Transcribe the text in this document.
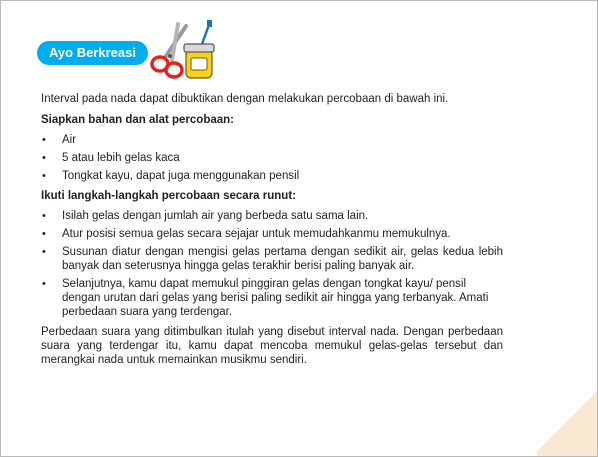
Ayo Berkreasi

Interval pada nada dapat dibuktikan dengan melakukan percobaan di bawah ini.

Siapkan bahan dan alat percobaan:

• Air
• 5 atau lebih gelas kaca
• Tongkat kayu, dapat juga menggunakan pensil

Ikuti langkah-langkah percobaan secara runut:

• Isilah gelas dengan jumlah air yang berbeda satu sama lain.
• Atur posisi semua gelas secara sejajar untuk memudahkanmu memukulnya.
• Susunan diatur dengan mengisi gelas pertama dengan sedikit air, gelas kedua lebih banyak dan seterusnya hingga gelas terakhir berisi paling banyak air.
• Selanjutnya, kamu dapat memukul pinggiran gelas dengan tongkat kayu/ pensil dengan urutan dari gelas yang berisi paling sedikit air hingga yang terbanyak. Amati perbedaan suara yang terdengar.

Perbedaan suara yang ditimbulkan itulah yang disebut interval nada. Dengan perbedaan suara yang terdengar itu, kamu dapat mencoba memukul gelas-gelas tersebut dan merangkai nada untuk memainkan musikmu sendiri.
